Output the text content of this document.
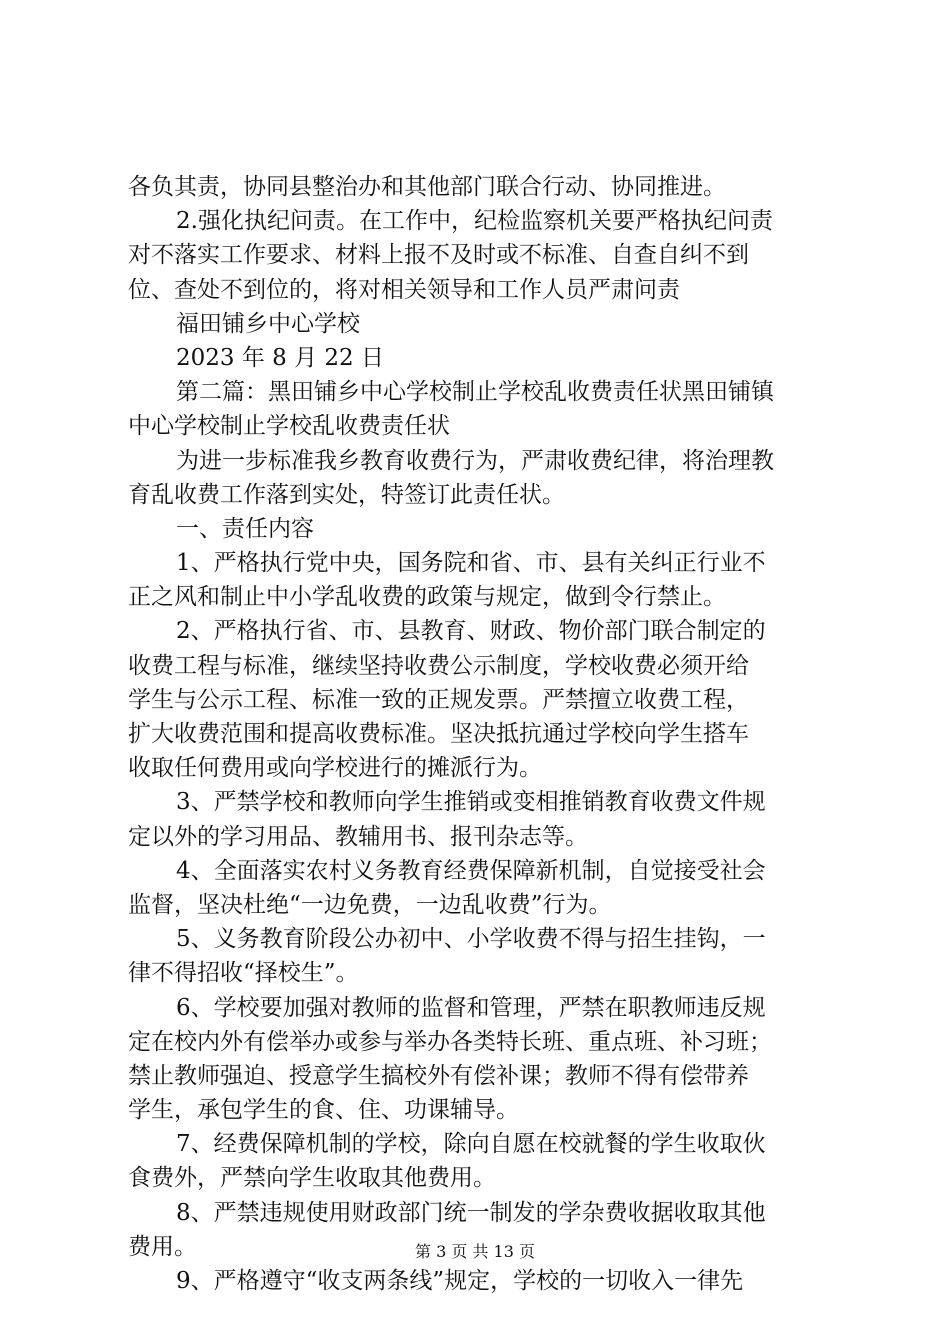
各负其责，协同县整治办和其他部门联合行动、协同推进。
2.强化执纪问责。在工作中，纪检监察机关要严格执纪问责
对不落实工作要求、材料上报不及时或不标准、自查自纠不到
位、查处不到位的，将对相关领导和工作人员严肃问责
福田铺乡中心学校
2023 年 8 月 22 日
第二篇：黑田铺乡中心学校制止学校乱收费责任状黑田铺镇
中心学校制止学校乱收费责任状
为进一步标准我乡教育收费行为，严肃收费纪律，将治理教
育乱收费工作落到实处，特签订此责任状。
一、责任内容
1、严格执行党中央，国务院和省、市、县有关纠正行业不
正之风和制止中小学乱收费的政策与规定，做到令行禁止。
2、严格执行省、市、县教育、财政、物价部门联合制定的
收费工程与标准，继续坚持收费公示制度，学校收费必须开给
学生与公示工程、标准一致的正规发票。严禁擅立收费工程，
扩大收费范围和提高收费标准。坚决抵抗通过学校向学生搭车
收取任何费用或向学校进行的摊派行为。
3、严禁学校和教师向学生推销或变相推销教育收费文件规
定以外的学习用品、教辅用书、报刊杂志等。
4、全面落实农村义务教育经费保障新机制，自觉接受社会
监督，坚决杜绝“一边免费，一边乱收费”行为。
5、义务教育阶段公办初中、小学收费不得与招生挂钩，一
律不得招收“择校生”。
6、学校要加强对教师的监督和管理，严禁在职教师违反规
定在校内外有偿举办或参与举办各类特长班、重点班、补习班；
禁止教师强迫、授意学生搞校外有偿补课；教师不得有偿带养
学生，承包学生的食、住、功课辅导。
7、经费保障机制的学校，除向自愿在校就餐的学生收取伙
食费外，严禁向学生收取其他费用。
8、严禁违规使用财政部门统一制发的学杂费收据收取其他
费用。
9、严格遵守“收支两条线”规定，学校的一切收入一律先
第 3 页 共 13 页
